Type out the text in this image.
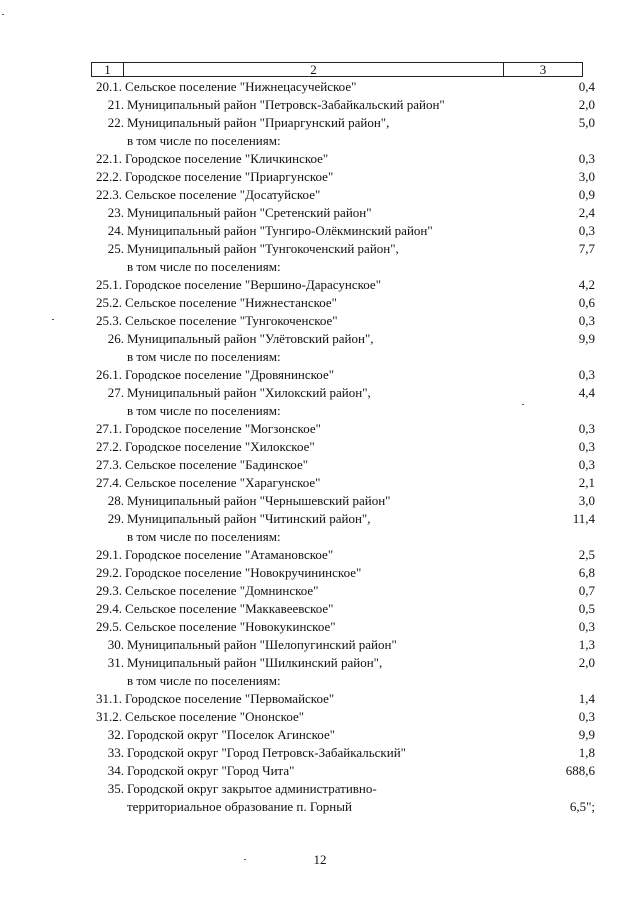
1	2	3
20.1. Сельское поселение "Нижнецасучейское"	0,4
21. Муниципальный район "Петровск-Забайкальский район"	2,0
22. Муниципальный район "Приаргунский район",	5,0
в том числе по поселениям:
22.1. Городское поселение "Кличкинское"	0,3
22.2. Городское поселение "Приаргунское"	3,0
22.3. Сельское поселение "Досатуйское"	0,9
23. Муниципальный район "Сретенский район"	2,4
24. Муниципальный район "Тунгиро-Олёкминский район"	0,3
25. Муниципальный район "Тунгокоченский район",	7,7
в том числе по поселениям:
25.1. Городское поселение "Вершино-Дарасунское"	4,2
25.2. Сельское поселение "Нижнестанское"	0,6
25.3. Сельское поселение "Тунгокоченское"	0,3
26. Муниципальный район "Улётовский район",	9,9
в том числе по поселениям:
26.1. Городское поселение "Дровянинское"	0,3
27. Муниципальный район "Хилокский район",	4,4
в том числе по поселениям:
27.1. Городское поселение "Могзонское"	0,3
27.2. Городское поселение "Хилокское"	0,3
27.3. Сельское поселение "Бадинское"	0,3
27.4. Сельское поселение "Харагунское"	2,1
28. Муниципальный район "Чернышевский район"	3,0
29. Муниципальный район "Читинский район",	11,4
в том числе по поселениям:
29.1. Городское поселение "Атамановское"	2,5
29.2. Городское поселение "Новокручининское"	6,8
29.3. Сельское поселение "Домнинское"	0,7
29.4. Сельское поселение "Маккавеевское"	0,5
29.5. Сельское поселение "Новокукинское"	0,3
30. Муниципальный район "Шелопугинский район"	1,3
31. Муниципальный район "Шилкинский район",	2,0
в том числе по поселениям:
31.1. Городское поселение "Первомайское"	1,4
31.2. Сельское поселение "Ононское"	0,3
32. Городской округ "Поселок Агинское"	9,9
33. Городской округ "Город Петровск-Забайкальский"	1,8
34. Городской округ "Город Чита"	688,6
35. Городской округ закрытое административно-
территориальное образование п. Горный	6,5";
12
